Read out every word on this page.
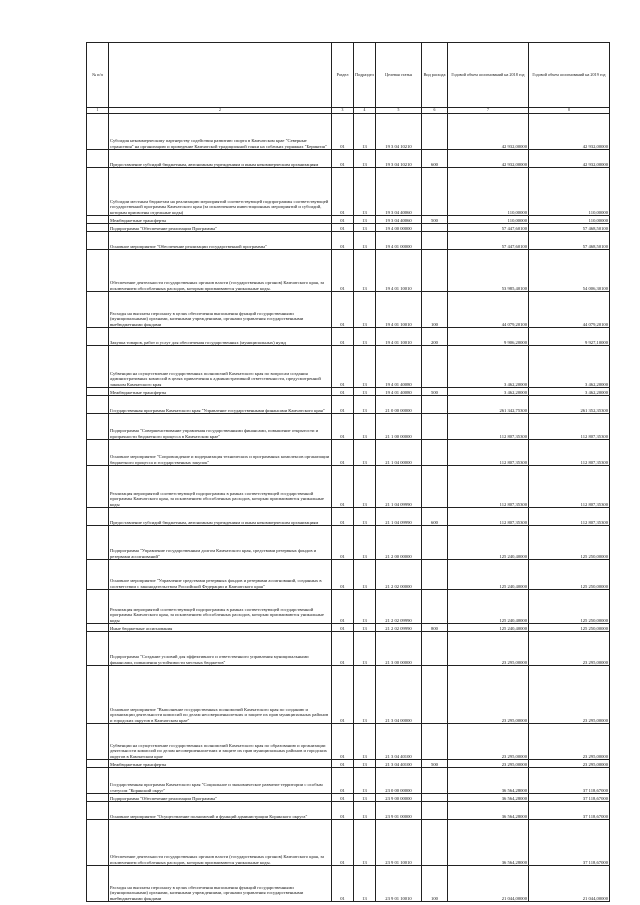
№ п/п		Раздел	Подраздел	Целевая статья	Вид расхода	Годовой объем ассигнований на 2018 год	Годовой объем ассигнований на 2019 год
1	2	3	4	5	6	7	8
	Субсидия некоммерческому партнерству содействия развитию спорта в Камчатском крае "Северные странствия" на организацию и проведение Камчатской традиционной гонки на собачьих упряжках "Берингия"	01	13	19 3 04 10210		42 932,00000	42 932,00000
	Предоставление субсидий бюджетным, автономным учреждениям и иным некоммерческим организациям	01	13	19 3 04 10210	600	42 932,00000	42 932,00000
	Субсидии местным бюджетам на реализацию мероприятий соответствующей подпрограммы соответствующей государственной программы Камчатского края (за исключением инвестиционных мероприятий и субсидий, которым присвоены отдельные коды)	01	13	19 3 04 40060		110,00000	110,00000
	Межбюджетные трансферты	01	13	19 3 04 40060	500	110,00000	110,00000
	Подпрограмма "Обеспечение реализации Программы"	01	13	19 4 00 00000		57 447,60100	57 468,50100
	Основное мероприятие "Обеспечение реализации государственной программы"	01	13	19 4 01 00000		57 447,60100	57 468,50100
	Обеспечение деятельности государственных органов власти (государственных органов) Камчатского края, за исключением обособленных расходов, которым присваиваются уникальные коды.	01	13	19 4 01 10010		53 985,40100	54 006,30100
	Расходы на выплаты персоналу в целях обеспечения выполнения функций государственными (муниципальными) органами, казенными учреждениями, органами управления государственными внебюджетными фондами	01	13	19 4 01 10010	100	44 079,20100	44 079,20100
	Закупка товаров, работ и услуг для обеспечения государственных (муниципальных) нужд	01	13	19 4 01 10010	200	9 906,20000	9 927,10000
	Субвенции на осуществление государственных полномочий Камчатского края по вопросам создания административных комиссий в целях привлечения к административной ответственности, предусмотренной законом Камчатского края	01	13	19 4 01 40080		3 462,20000	3 462,20000
	Межбюджетные трансферты	01	13	19 4 01 40080	500	3 462,20000	3 462,20000
	Государственная программа Камчатского края "Управление государственными финансами Камчатского края"	01	13	21 0 00 00000		261 342,75300	261 352,35300
	Подпрограмма "Совершенствование управления государственными финансами, повышение открытости и прозрачности бюджетного процесса в Камчатском крае"	01	13	21 1 00 00000		112 807,35300	112 807,35300
	Основное мероприятие "Сопровождение и модернизация технических и программных комплексов организации бюджетного процесса и государственных закупок"	01	13	21 1 04 00000		112 807,35300	112 807,35300
	Реализация мероприятий соответствующей подпрограммы в рамках соответствующей государственной программы Камчатского края, за исключением обособленных расходов, которым присваиваются уникальные коды	01	13	21 1 04 09990		112 807,35300	112 807,35300
	Предоставление субсидий бюджетным, автономным учреждениям и иным некоммерческим организациям	01	13	21 1 04 09990	600	112 807,35300	112 807,35300
	Подпрограмма "Управление государственным долгом Камчатского края, средствами резервных фондов и резервами ассигнований"	01	13	21 2 00 00000		125 240,40000	125 250,00000
	Основное мероприятие "Управление средствами резервных фондов и резервами ассигнований, созданных в соответствии с законодательством Российской Федерации и Камчатского края"	01	13	21 2 02 00000		125 240,40000	125 250,00000
	Реализация мероприятий соответствующей подпрограммы в рамках соответствующей государственной программы Камчатского края, за исключением обособленных расходов, которым присваиваются уникальные коды	01	13	21 2 02 09990		125 240,40000	125 250,00000
	Иные бюджетные ассигнования	01	13	21 2 02 09990	800	125 240,40000	125 250,00000
	Подпрограмма "Создание условий для эффективного и ответственного управления муниципальными финансами, повышения устойчивости местных бюджетов"	01	13	21 3 00 00000		23 295,00000	23 295,00000
	Основное мероприятие "Выполнение государственных полномочий Камчатского края по созданию и организации деятельности комиссий по делам несовершеннолетних и защите их прав муниципальных районов и городских округов в Камчатском крае"	01	13	21 3 04 00000		23 295,00000	23 295,00000
	Субвенции на осуществление государственных полномочий Камчатского края по образованию и организации деятельности комиссий по делам несовершеннолетних и защите их прав муниципальных районов и городских округов в Камчатском крае	01	13	21 3 04 40100		23 295,00000	23 295,00000
	Межбюджетные трансферты	01	13	21 3 04 40100	500	23 295,00000	23 295,00000
	Государственная программа Камчатского края "Социальное и экономическое развитие территории с особым статусом "Корякский округ"	01	13	23 0 00 00000		36 564,28000	37 118,67000
	Подпрограмма "Обеспечение реализации Программы"	01	13	23 9 00 00000		36 564,28000	37 118,67000
	Основное мероприятие "Осуществление полномочий и функций администрации Корякского округа"	01	13	23 9 01 00000		36 564,28000	37 118,67000
	Обеспечение деятельности государственных органов власти (государственных органов) Камчатского края, за исключением обособленных расходов, которым присваиваются уникальные коды.	01	13	23 9 01 10010		36 564,28000	37 118,67000
	Расходы на выплаты персоналу в целях обеспечения выполнения функций государственными (муниципальными) органами, казенными учреждениями, органами управления государственными внебюджетными фондами	01	13	23 9 01 10010	100	21 044,00000	21 044,00000
